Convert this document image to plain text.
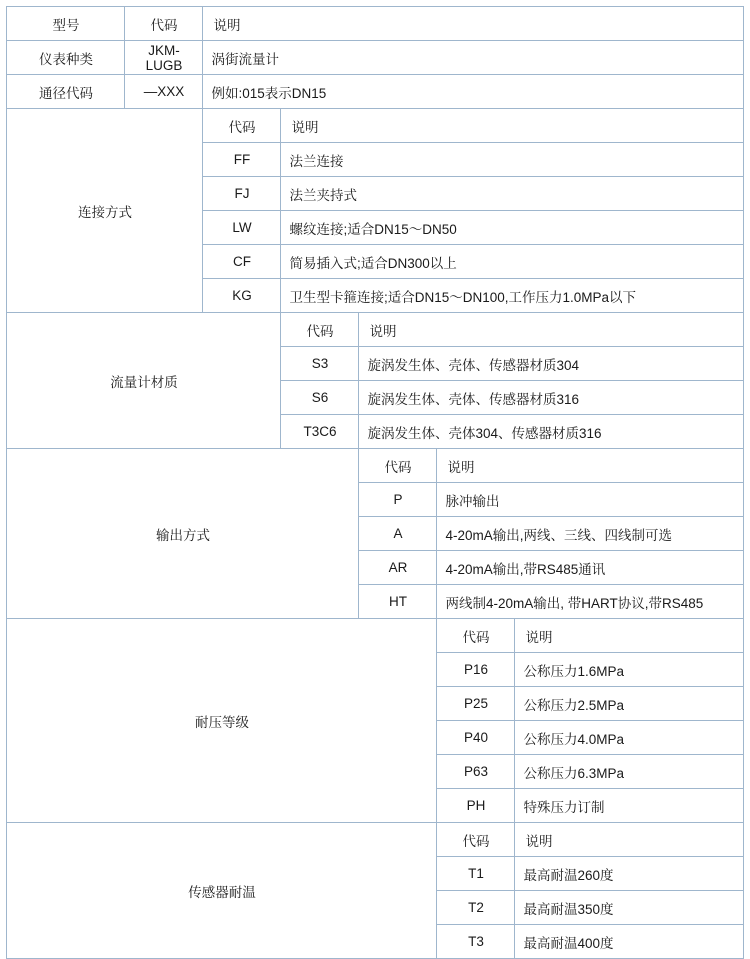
型号	代码	说明				
仪表种类	JKM-LUGB	涡街流量计				
通径代码	—XXX	例如:015表示DN15				
连接方式		代码	说明			
		FF	法兰连接			
		FJ	法兰夹持式			
		LW	螺纹连接;适合DN15〜DN50			
		CF	简易插入式;适合DN300以上			
		KG	卫生型卡箍连接;适合DN15〜DN100,工作压力1.0MPa以下			
流量计材质			代码	说明		
			S3	旋涡发生体、壳体、传感器材质304		
			S6	旋涡发生体、壳体、传感器材质316		
			T3C6	旋涡发生体、壳体304、传感器材质316		
输出方式				代码	说明	
				P	脉冲输出	
				A	4-20mA输出,两线、三线、四线制可选	
				AR	4-20mA输出,带RS485通讯	
				HT	两线制4-20mA输出, 带HART协议,带RS485	
耐压等级					代码	说明
					P16	公称压力1.6MPa
					P25	公称压力2.5MPa
					P40	公称压力4.0MPa
					P63	公称压力6.3MPa
					PH	特殊压力订制
传感器耐温					代码	说明
					T1	最高耐温260度
					T2	最高耐温350度
					T3	最高耐温400度
